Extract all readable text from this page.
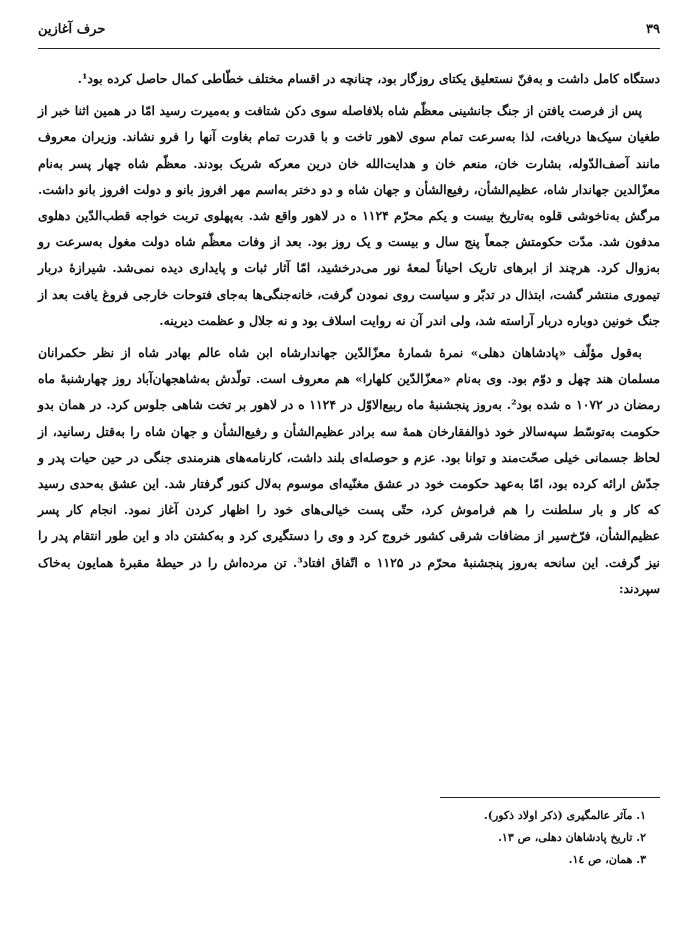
۳۹
حرف آغازین

دستگاه کامل داشت و به‌فنّ نستعلیق یکتای روزگار بود، چنانچه در اقسام مختلف خطّاطی کمال حاصل کرده بود¹.

پس از فرصت یافتن از جنگ جانشینی معظّم شاه بلافاصله سوی دکن شتافت و به‌میرت رسید امّا در همین اثنا خبر از طغیان سیک‌ها دریافت، لذا به‌سرعت تمام سوی لاهور تاخت و با قدرت تمام بغاوت آنها را فرو نشاند. وزیران معروف مانند آصف‌الدّوله، بشارت خان، منعم خان و هدایت‌الله خان درین معرکه شریک بودند. معظّم شاه چهار پسر به‌نام معزّالدین جهاندار شاه، عظیم‌الشأن، رفیع‌الشأن و جهان شاه و دو دختر به‌اسم مهر افروز بانو و دولت افروز بانو داشت. مرگش به‌ناخوشی قلوه به‌تاریخ بیست و یکم محرّم ۱۱۲۴ ه در لاهور واقع شد. به‌پهلوی تربت خواجه قطب‌الدّین دهلوی مدفون شد. مدّت حکومتش جمعاً پنج سال و بیست و یک روز بود. بعد از وفات معظّم شاه دولت مغول به‌سرعت رو به‌زوال کرد. هرچند از ابرهای تاریک احیاناً لمعهٔ نور می‌درخشید، امّا آثار ثبات و پایداری دیده نمی‌شد. شیرازهٔ دربار تیموری منتشر گشت، ابتذال در تدبّر و سیاست روی نمودن گرفت، خانه‌جنگی‌ها به‌جای فتوحات خارجی فروغ یافت بعد از جنگ خونین دوباره دربار آراسته شد، ولی اندر آن نه روایت اسلاف بود و نه جلال و عظمت دیرینه.

به‌قول مؤلّف «پادشاهان دهلی» نمرهٔ شمارهٔ معزّالدّین جهاندارشاه ابن شاه عالم بهادر شاه از نظر حکمرانان مسلمان هند چهل و دوّم بود. وی به‌نام «معزّالدّین کلهارا» هم معروف است. تولّدش به‌شاهجهان‌آباد روز چهارشنبهٔ ماه رمضان در ۱۰۷۲ ه شده بود². به‌روز پنجشنبهٔ ماه ربیع‌الاوّل در ۱۱۲۴ ه در لاهور بر تخت شاهی جلوس کرد. در همان بدو حکومت به‌توسّط سپه‌سالار خود ذوالفقارخان همهٔ سه برادر عظیم‌الشأن و رفیع‌الشأن و جهان شاه را به‌قتل رسانید، از لحاظ جسمانی خیلی صحّت‌مند و توانا بود. عزم و حوصله‌ای بلند داشت، کارنامه‌های هنرمندی جنگی در حین حیات پدر و جدّش ارائه کرده بود، امّا به‌عهد حکومت خود در عشق مغنّیه‌ای موسوم به‌لال کنور گرفتار شد. این عشق به‌حدی رسید که کار و بار سلطنت را هم فراموش کرد، حتّی پست خیالی‌های خود را اظهار کردن آغاز نمود. انجام کار پسر عظیم‌الشأن، فرّخ‌سیر از مضافات شرقی کشور خروج کرد و وی را دستگیری کرد و به‌کشتن داد و این طور انتقام پدر را نیز گرفت. این سانحه به‌روز پنجشنبهٔ محرّم در ۱۱۲۵ ه اتّفاق افتاد³. تن مرده‌اش را در حیطهٔ مقبرهٔ همایون به‌خاک سپردند:

۱. مآثر عالمگیری (ذکر اولاد ذکور).
۲. تاریخ پادشاهان دهلی، ص ۱۳.
۳. همان، ص ۱٤.
